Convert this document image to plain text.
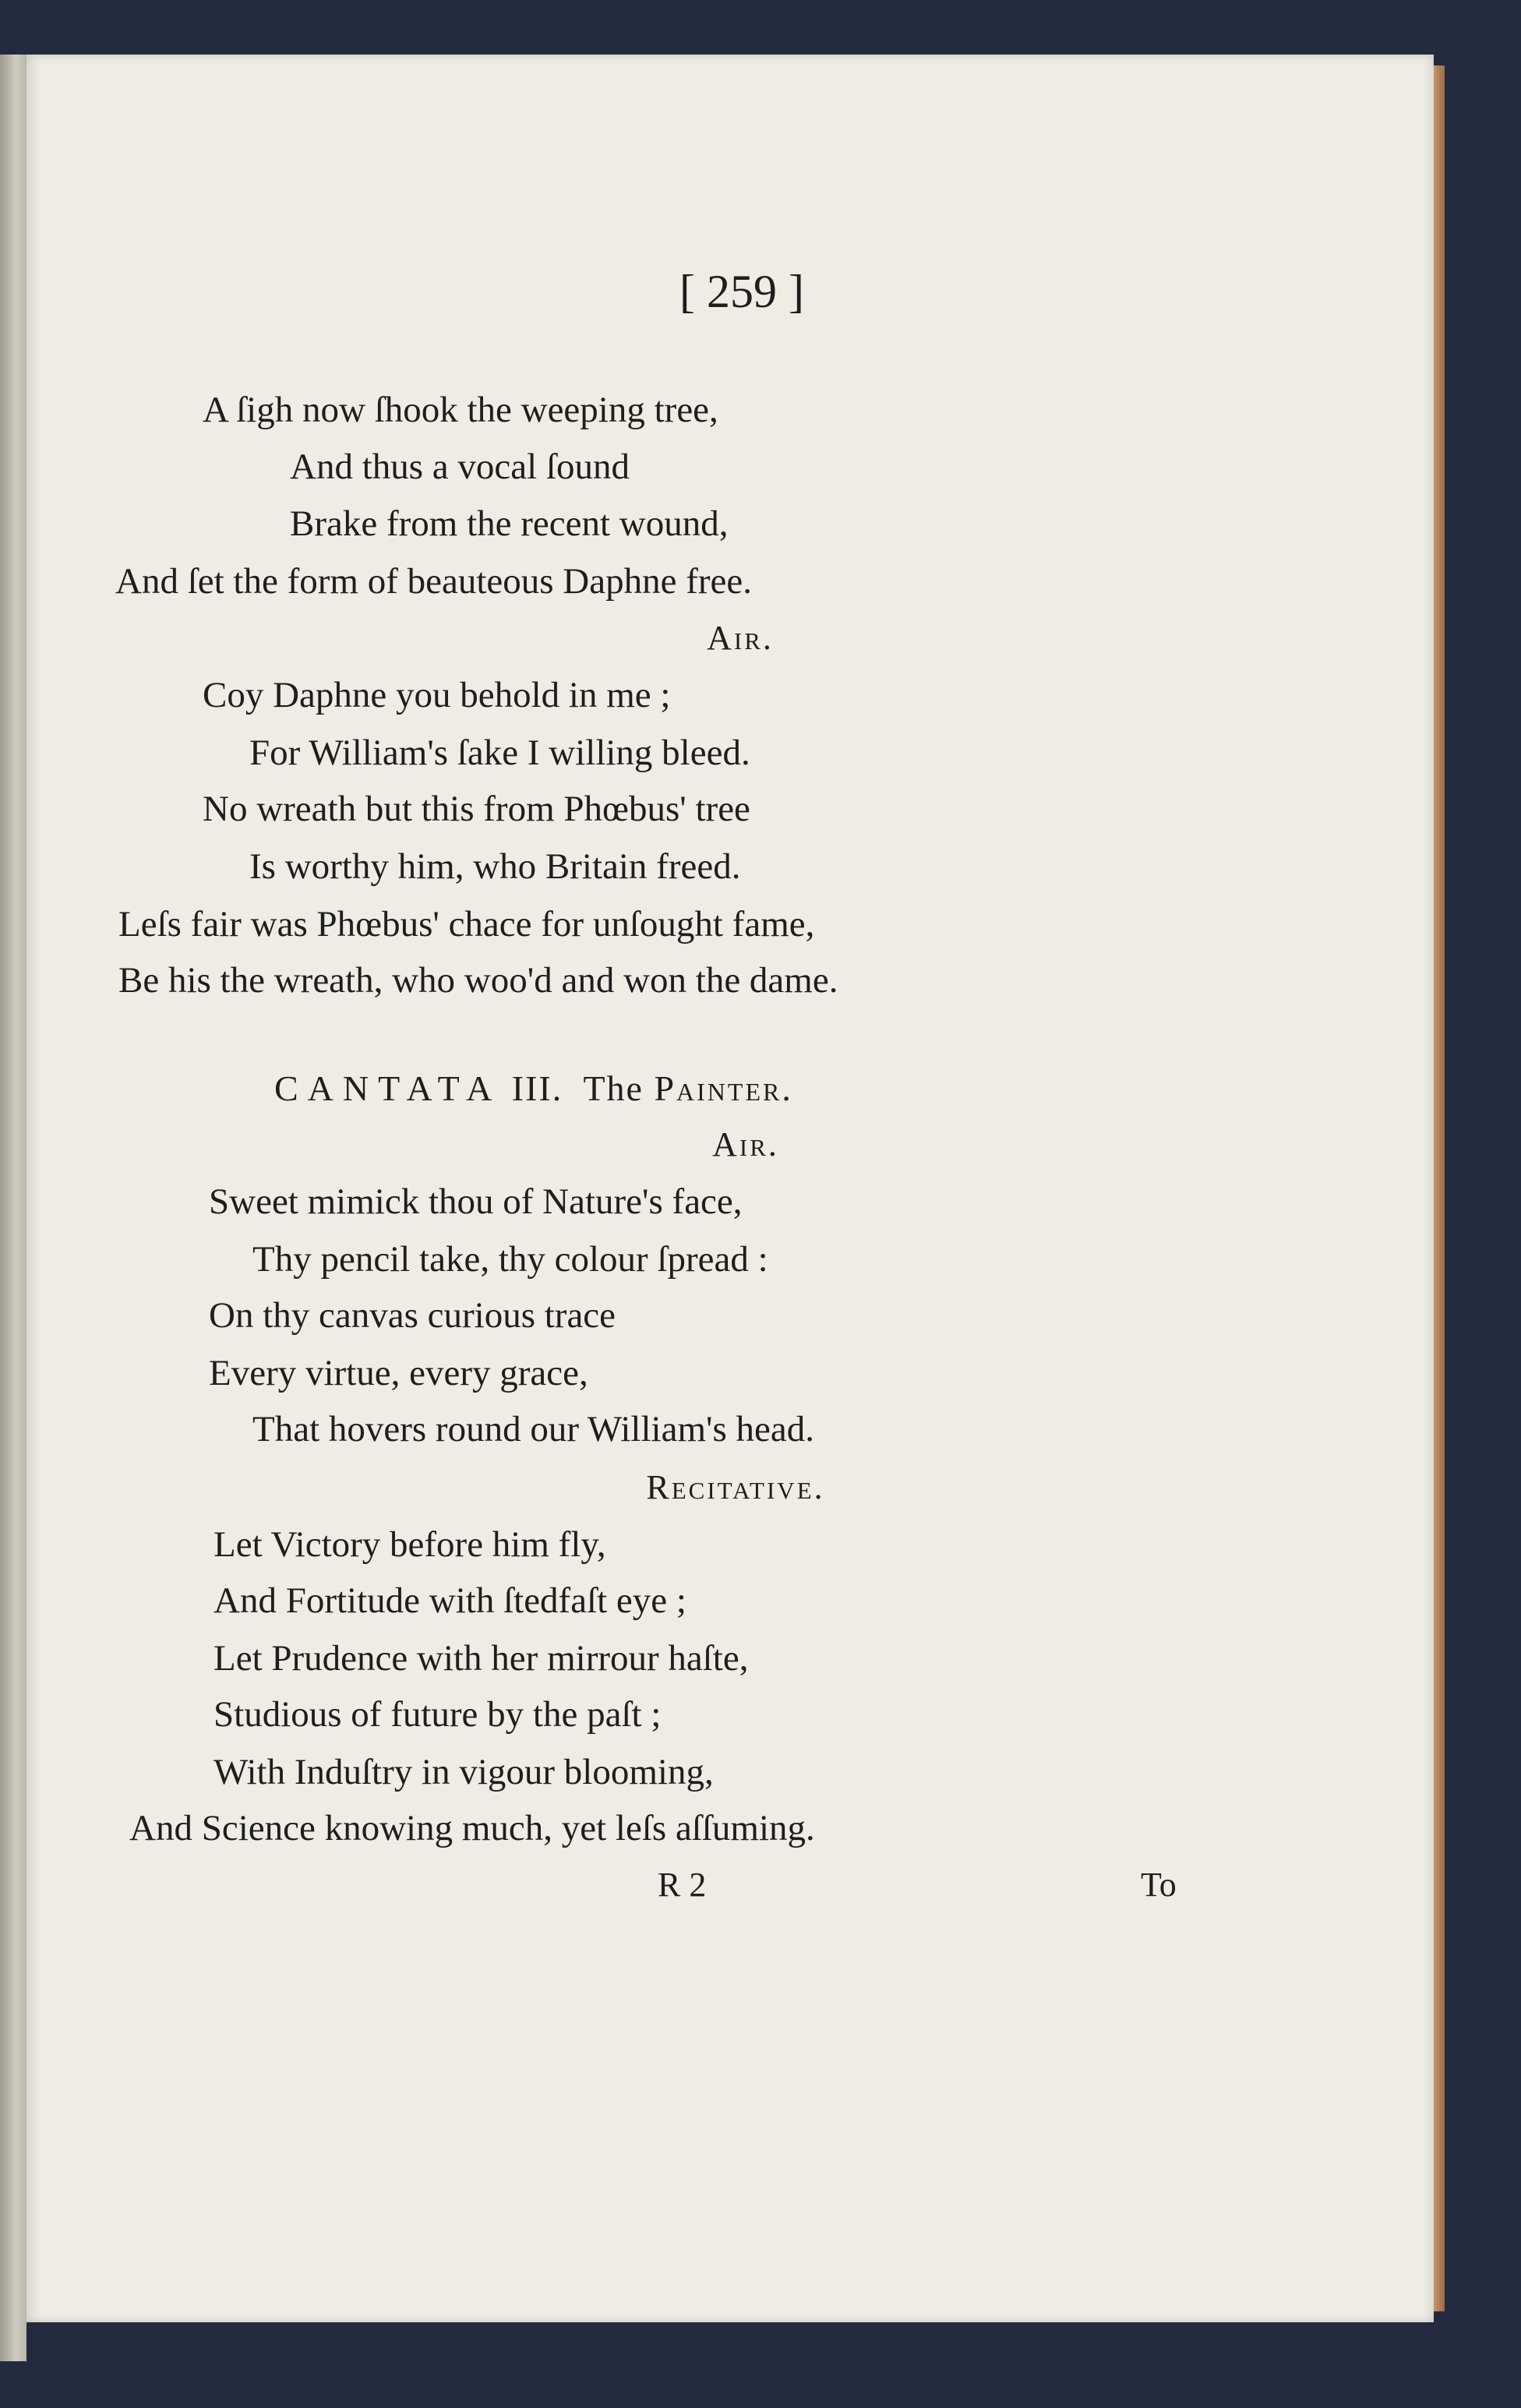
[ 259 ]
A ſigh now ſhook the weeping tree,
And thus a vocal ſound
Brake from the recent wound,
And ſet the form of beauteous Daphne free.
Air.
Coy Daphne you behold in me ;
For William's ſake I willing bleed.
No wreath but this from Phœbus' tree
Is worthy him, who Britain freed.
Leſs fair was Phœbus' chace for unſought fame,
Be his the wreath, who woo'd and won the dame.
CANTATA III. The Painter.
Air.
Sweet mimick thou of Nature's face,
Thy pencil take, thy colour ſpread :
On thy canvas curious trace
Every virtue, every grace,
That hovers round our William's head.
Recitative.
Let Victory before him fly,
And Fortitude with ſtedfaſt eye ;
Let Prudence with her mirrour haſte,
Studious of future by the paſt ;
With Induſtry in vigour blooming,
And Science knowing much, yet leſs aſſuming.
R 2	To
